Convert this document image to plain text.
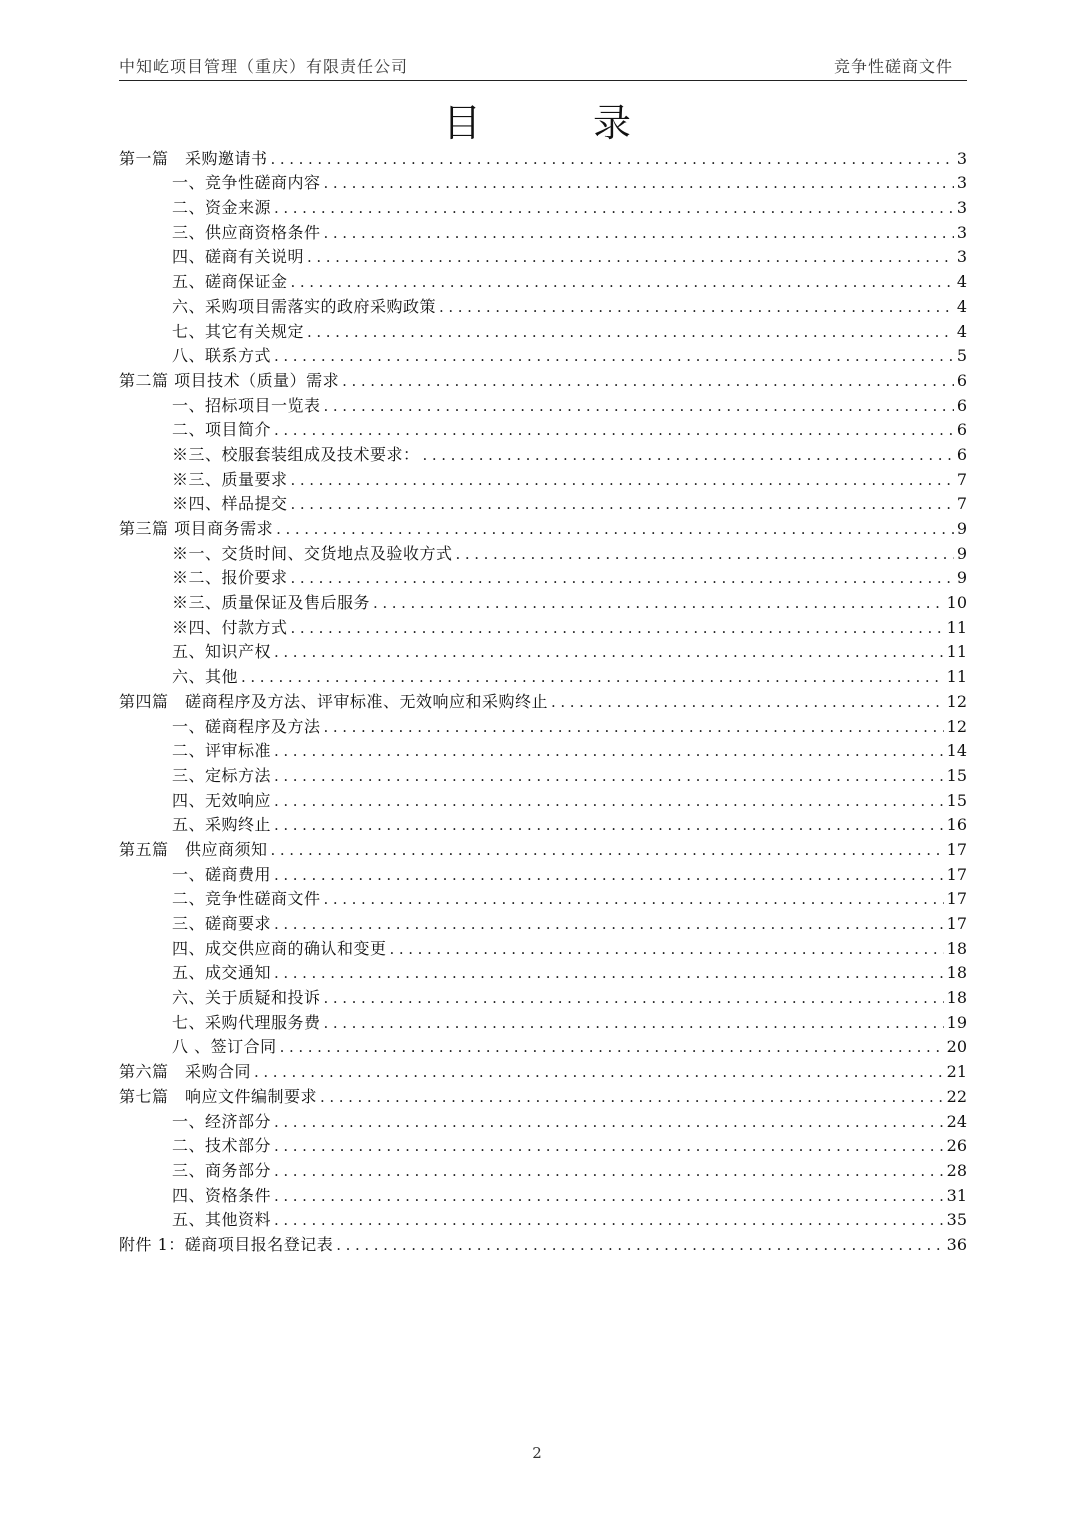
中知屹项目管理（重庆）有限责任公司	竞争性磋商文件
目 录
第一篇　采购邀请书 .....	3
一、竞争性磋商内容 .....	3
二、资金来源 .....	3
三、供应商资格条件 .....	3
四、磋商有关说明 .....	3
五、磋商保证金 .....	4
六、采购项目需落实的政府采购政策 .....	4
七、其它有关规定 .....	4
八、联系方式 .....	5
第二篇 项目技术（质量）需求 .....	6
一、招标项目一览表 .....	6
二、项目简介 .....	6
※三、校服套装组成及技术要求： .....	6
※三、质量要求 .....	7
※四、样品提交 .....	7
第三篇 项目商务需求 .....	9
※一、交货时间、交货地点及验收方式 .....	9
※二、报价要求 .....	9
※三、质量保证及售后服务 .....	10
※四、付款方式 .....	11
五、知识产权 .....	11
六、其他 .....	11
第四篇　磋商程序及方法、评审标准、无效响应和采购终止 .....	12
一、磋商程序及方法 .....	12
二、评审标准 .....	14
三、定标方法 .....	15
四、无效响应 .....	15
五、采购终止 .....	16
第五篇　供应商须知 .....	17
一、磋商费用 .....	17
二、竞争性磋商文件 .....	17
三、磋商要求 .....	17
四、成交供应商的确认和变更 .....	18
五、成交通知 .....	18
六、关于质疑和投诉 .....	18
七、采购代理服务费 .....	19
八 、签订合同 .....	20
第六篇　采购合同 .....	21
第七篇　响应文件编制要求 .....	22
一、经济部分 .....	24
二、技术部分 .....	26
三、商务部分 .....	28
四、资格条件 .....	31
五、其他资料 .....	35
附件 1：磋商项目报名登记表 .....	36
2
